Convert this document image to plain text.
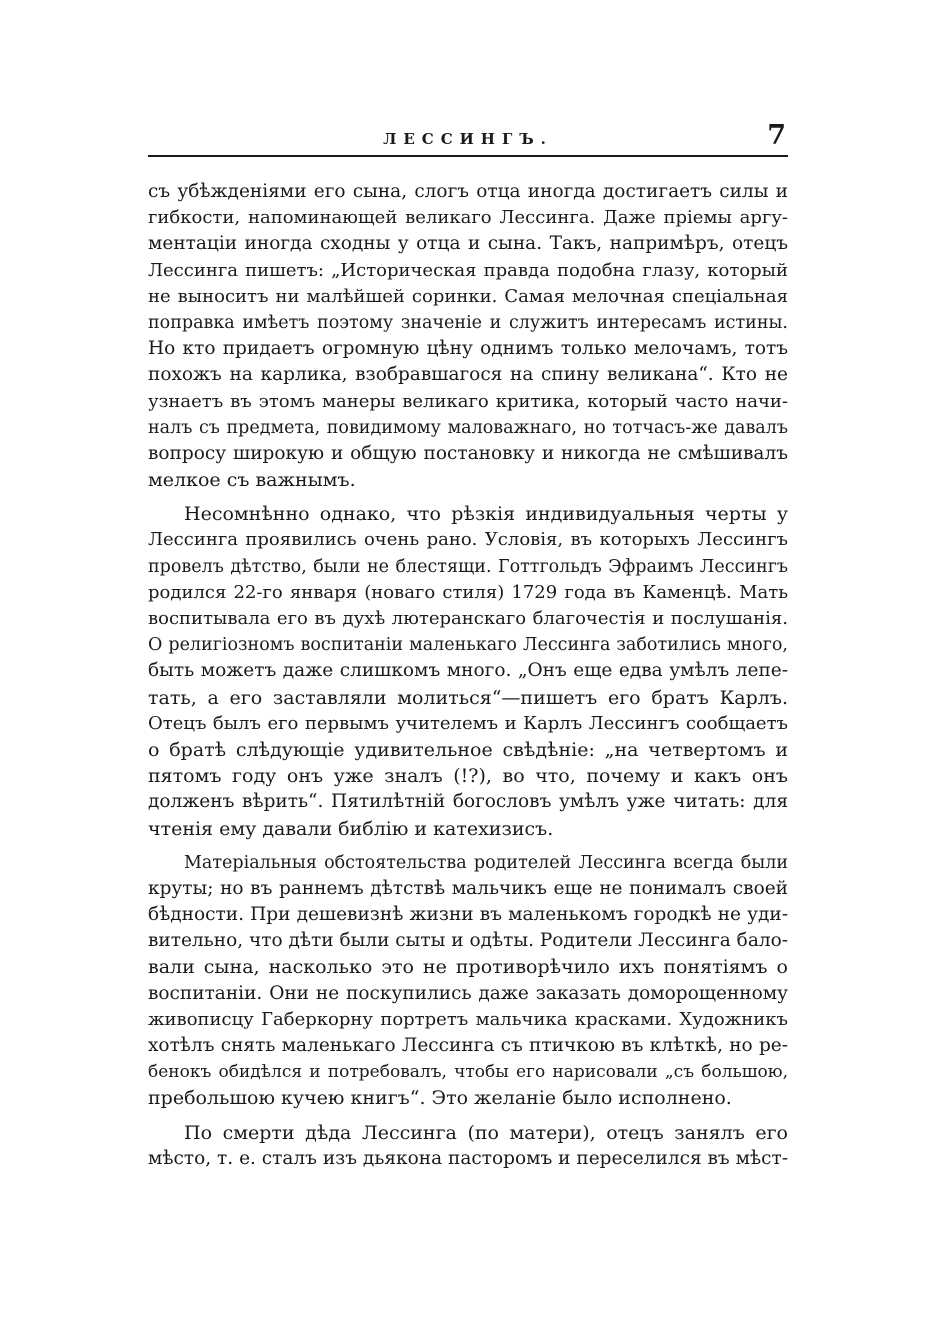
ЛЕССИНГЪ.	7
съ убѣжденіями его сына, слогъ отца иногда достигаетъ силы и
гибкости, напоминающей великаго Лессинга. Даже пріемы аргу-
ментаціи иногда сходны у отца и сына. Такъ, напримѣръ, отецъ
Лессинга пишетъ: „Историческая правда подобна глазу, который
не выноситъ ни малѣйшей соринки. Самая мелочная спеціальная
поправка имѣетъ поэтому значеніе и служитъ интересамъ истины.
Но кто придаетъ огромную цѣну однимъ только мелочамъ, тотъ
похожъ на карлика, взобравшагося на спину великана“. Кто не
узнаетъ въ этомъ манеры великаго критика, который часто начи-
налъ съ предмета, повидимому маловажнаго, но тотчасъ-же давалъ
вопросу широкую и общую постановку и никогда не смѣшивалъ
мелкое съ важнымъ.
Несомнѣнно однако, что рѣзкія индивидуальныя черты у
Лессинга проявились очень рано. Условія, въ которыхъ Лессингъ
провелъ дѣтство, были не блестящи. Готтгольдъ Эфраимъ Лессингъ
родился 22-го января (новаго стиля) 1729 года въ Каменцѣ. Мать
воспитывала его въ духѣ лютеранскаго благочестія и послушанія.
О религіозномъ воспитаніи маленькаго Лессинга заботились много,
быть можетъ даже слишкомъ много. „Онъ еще едва умѣлъ лепе-
тать, а его заставляли молиться“—пишетъ его братъ Карлъ.
Отецъ былъ его первымъ учителемъ и Карлъ Лессингъ сообщаетъ
о братѣ слѣдующіе удивительное свѣдѣніе: „на четвертомъ и
пятомъ году онъ уже зналъ (!?), во что, почему и какъ онъ
долженъ вѣрить“. Пятилѣтній богословъ умѣлъ уже читать: для
чтенія ему давали библію и катехизисъ.
Матеріальныя обстоятельства родителей Лессинга всегда были
круты; но въ раннемъ дѣтствѣ мальчикъ еще не понималъ своей
бѣдности. При дешевизнѣ жизни въ маленькомъ городкѣ не уди-
вительно, что дѣти были сыты и одѣты. Родители Лессинга бало-
вали сына, насколько это не противорѣчило ихъ понятіямъ о
воспитаніи. Они не поскупились даже заказать доморощенному
живописцу Габеркорну портретъ мальчика красками. Художникъ
хотѣлъ снять маленькаго Лессинга съ птичкою въ клѣткѣ, но ре-
бенокъ обидѣлся и потребовалъ, чтобы его нарисовали „съ большою,
пребольшою кучею книгъ“. Это желаніе было исполнено.
По смерти дѣда Лессинга (по матери), отецъ занялъ его
мѣсто, т. е. сталъ изъ дьякона пасторомъ и переселился въ мѣст-
